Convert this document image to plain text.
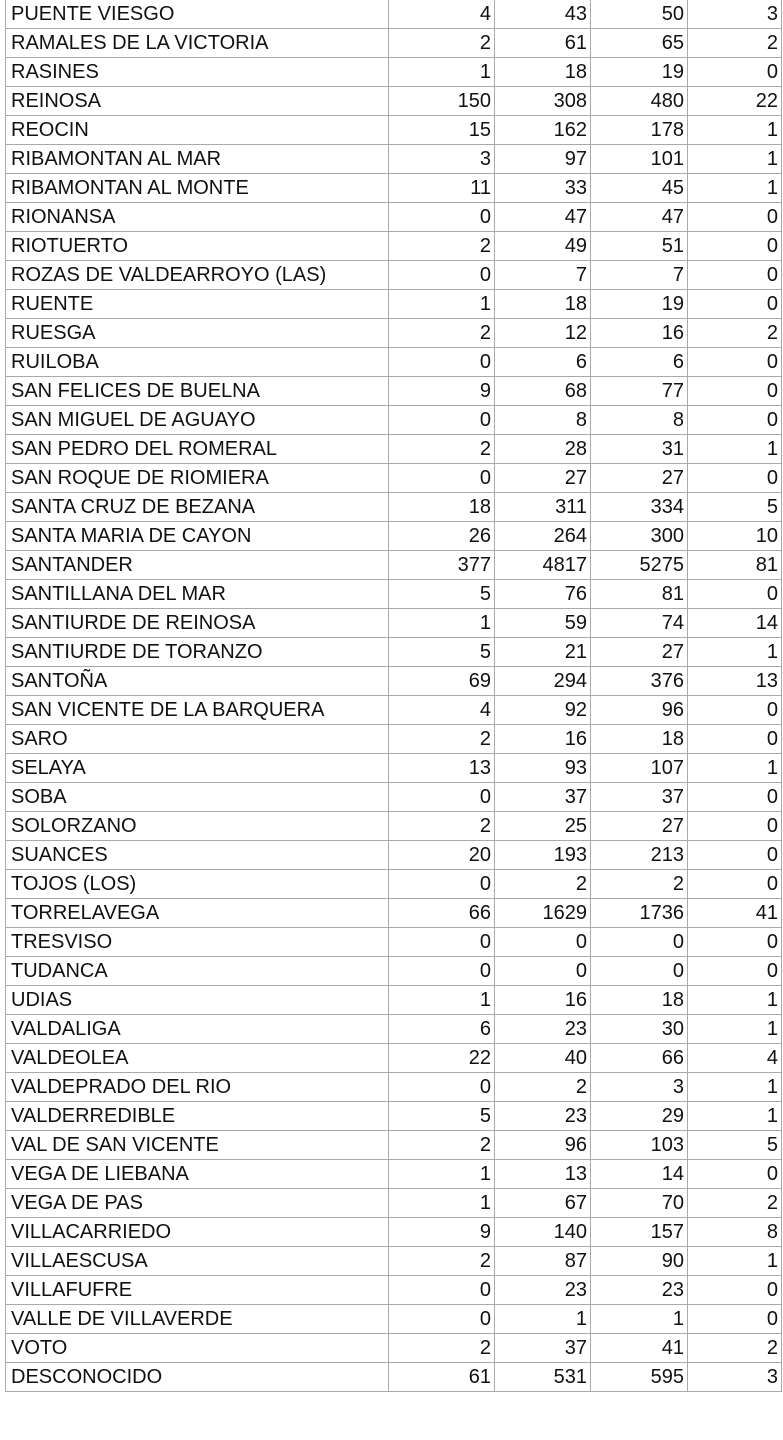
PUENTE VIESGO	4	43	50	3
RAMALES DE LA VICTORIA	2	61	65	2
RASINES	1	18	19	0
REINOSA	150	308	480	22
REOCIN	15	162	178	1
RIBAMONTAN AL MAR	3	97	101	1
RIBAMONTAN AL MONTE	11	33	45	1
RIONANSA	0	47	47	0
RIOTUERTO	2	49	51	0
ROZAS DE VALDEARROYO (LAS)	0	7	7	0
RUENTE	1	18	19	0
RUESGA	2	12	16	2
RUILOBA	0	6	6	0
SAN FELICES DE BUELNA	9	68	77	0
SAN MIGUEL DE AGUAYO	0	8	8	0
SAN PEDRO DEL ROMERAL	2	28	31	1
SAN ROQUE DE RIOMIERA	0	27	27	0
SANTA CRUZ DE BEZANA	18	311	334	5
SANTA MARIA DE CAYON	26	264	300	10
SANTANDER	377	4817	5275	81
SANTILLANA DEL MAR	5	76	81	0
SANTIURDE DE REINOSA	1	59	74	14
SANTIURDE DE TORANZO	5	21	27	1
SANTOÑA	69	294	376	13
SAN VICENTE DE LA BARQUERA	4	92	96	0
SARO	2	16	18	0
SELAYA	13	93	107	1
SOBA	0	37	37	0
SOLORZANO	2	25	27	0
SUANCES	20	193	213	0
TOJOS (LOS)	0	2	2	0
TORRELAVEGA	66	1629	1736	41
TRESVISO	0	0	0	0
TUDANCA	0	0	0	0
UDIAS	1	16	18	1
VALDALIGA	6	23	30	1
VALDEOLEA	22	40	66	4
VALDEPRADO DEL RIO	0	2	3	1
VALDERREDIBLE	5	23	29	1
VAL DE SAN VICENTE	2	96	103	5
VEGA DE LIEBANA	1	13	14	0
VEGA DE PAS	1	67	70	2
VILLACARRIEDO	9	140	157	8
VILLAESCUSA	2	87	90	1
VILLAFUFRE	0	23	23	0
VALLE DE VILLAVERDE	0	1	1	0
VOTO	2	37	41	2
DESCONOCIDO	61	531	595	3
